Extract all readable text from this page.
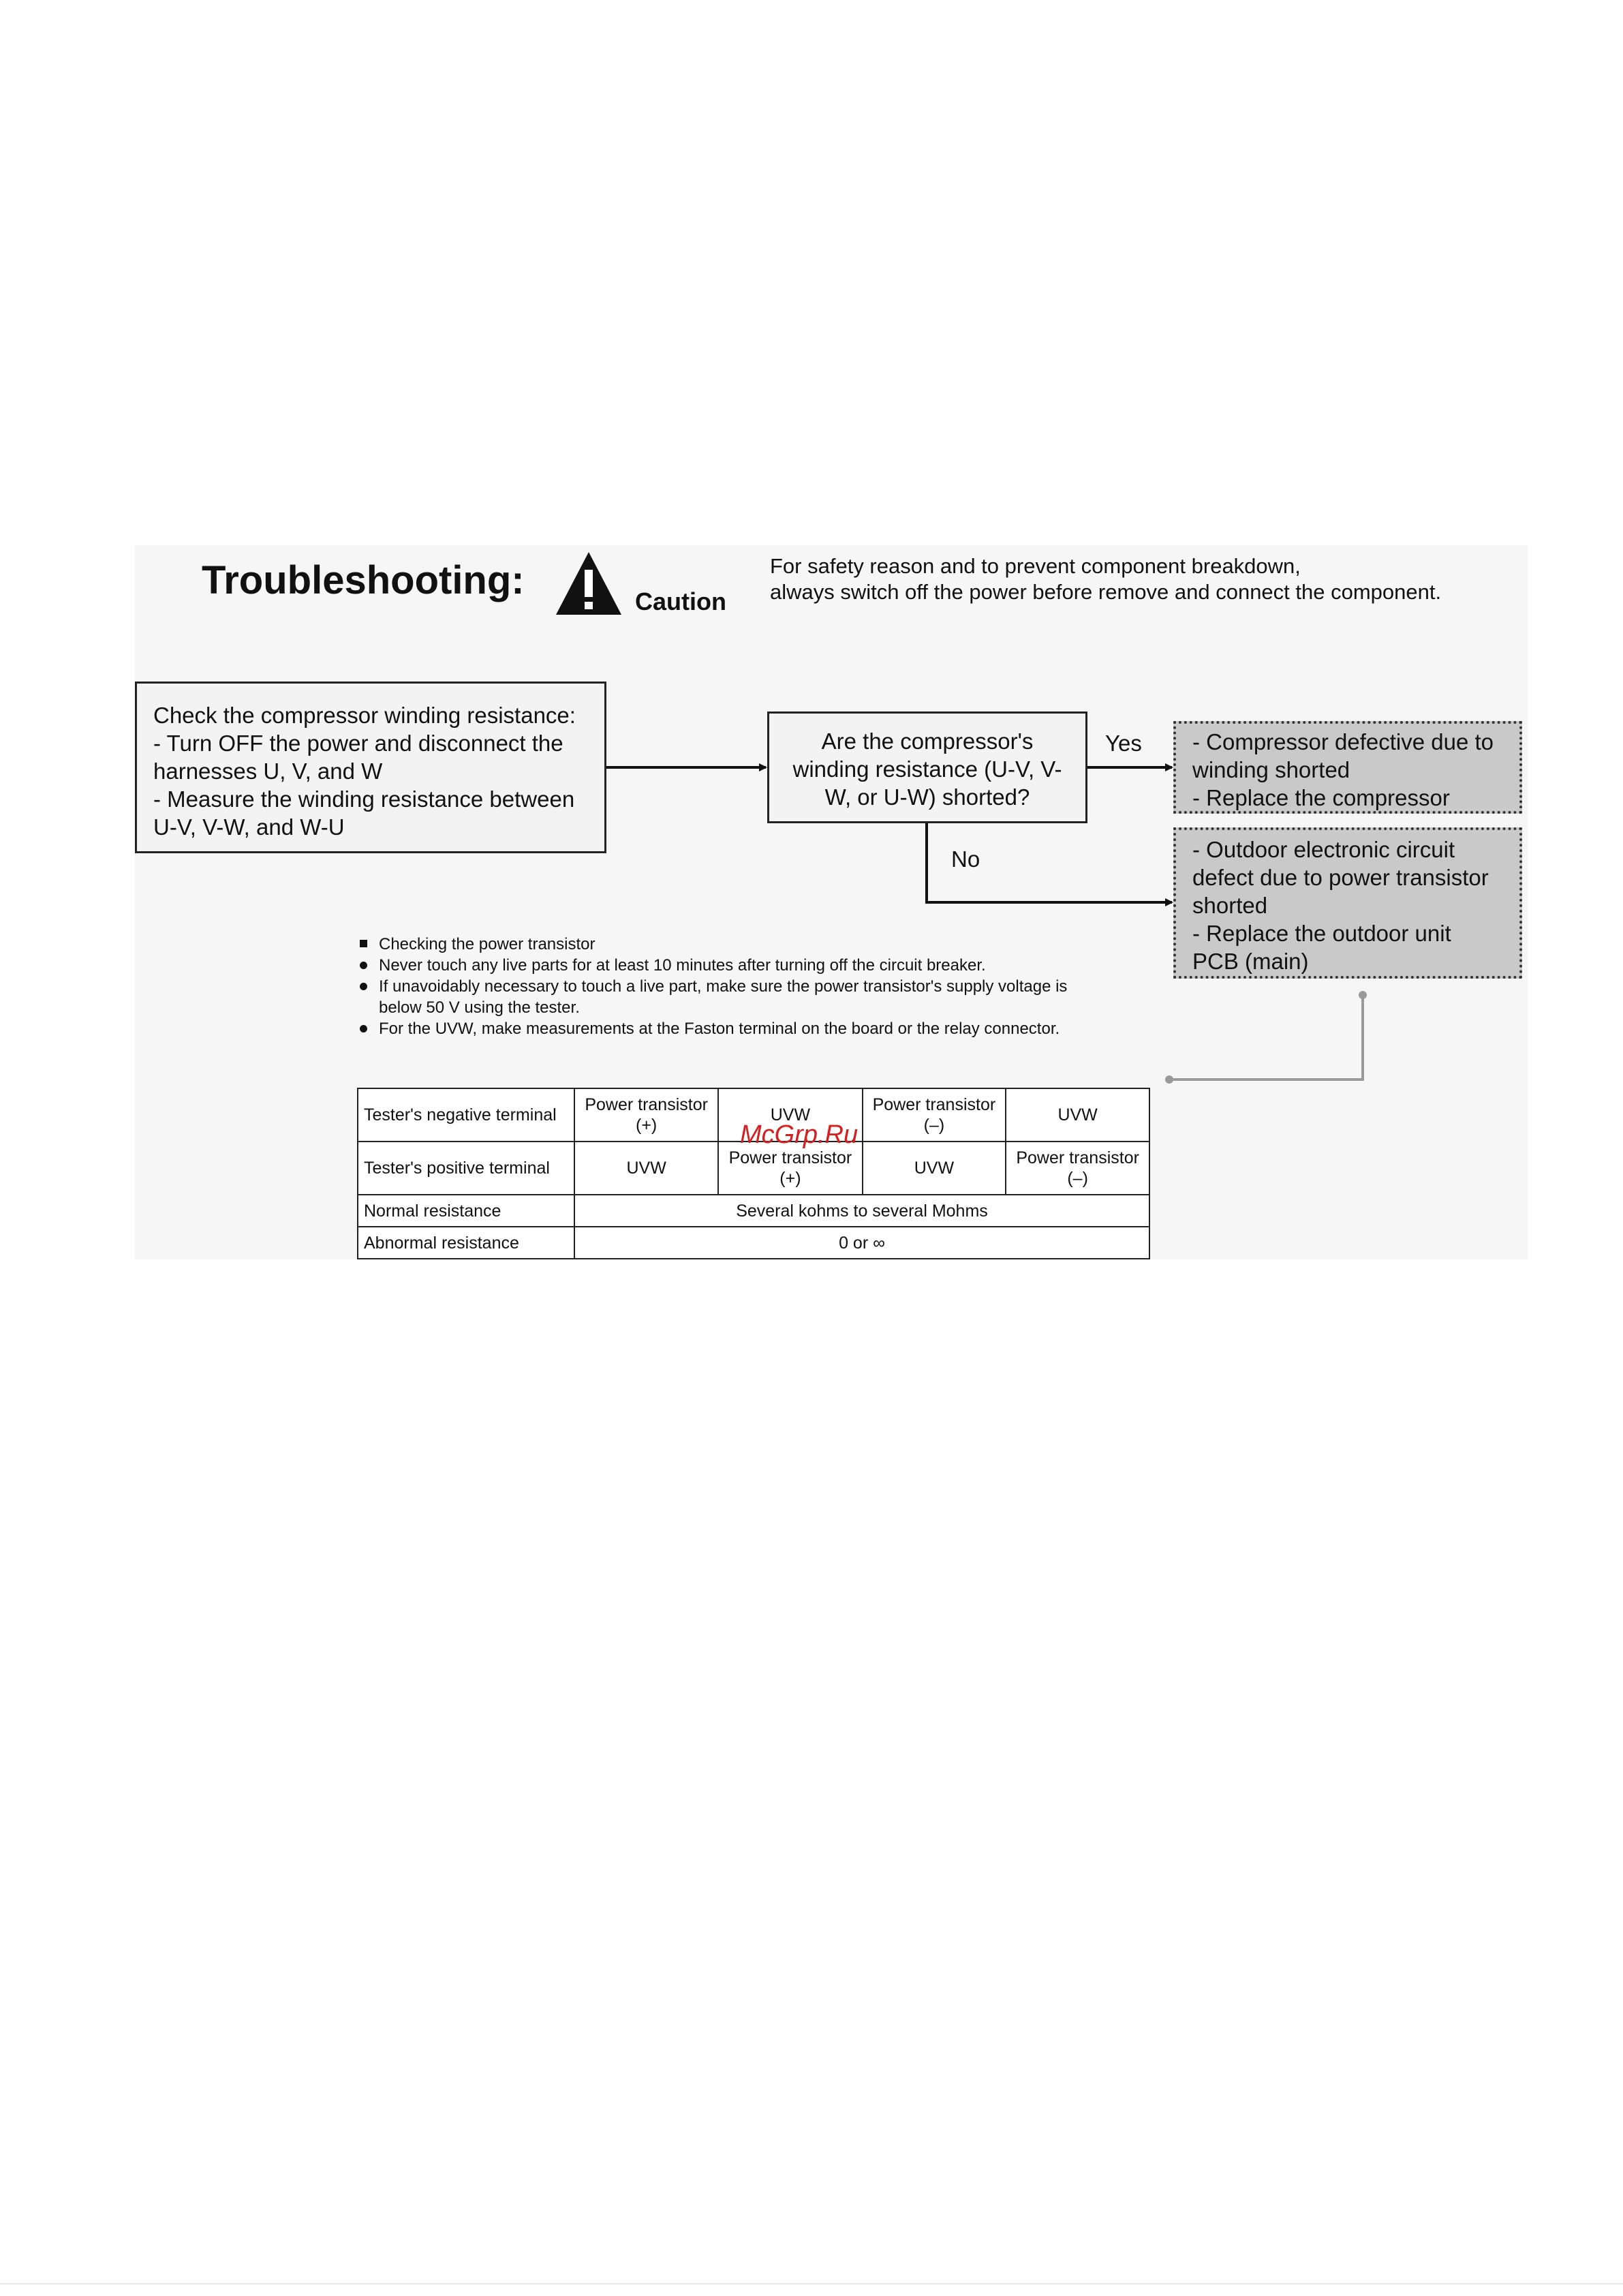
Troubleshooting:	Caution
For safety reason and to prevent component breakdown,
always switch off the power before remove and connect the component.
Check the compressor winding resistance:
- Turn OFF the power and disconnect the
harnesses U, V, and W
- Measure the winding resistance between
U-V, V-W, and W-U
Are the compressor's
winding resistance (U-V, V-
W, or U-W) shorted?
Yes
No
- Compressor defective due to
winding shorted
- Replace the compressor
- Outdoor electronic circuit
defect due to power transistor
shorted
- Replace the outdoor unit
PCB (main)
Checking the power transistor
Never touch any live parts for at least 10 minutes after turning off the circuit breaker.
If unavoidably necessary to touch a live part, make sure the power transistor's supply voltage is below 50 V using the tester.
For the UVW, make measurements at the Faston terminal on the board or the relay connector.
Tester's negative terminal	Power transistor (+)	UVW	Power transistor (–)	UVW
Tester's positive terminal	UVW	Power transistor (+)	UVW	Power transistor (–)
Normal resistance	Several kohms to several Mohms			
Abnormal resistance	0 or ∞			
McGrp.Ru
